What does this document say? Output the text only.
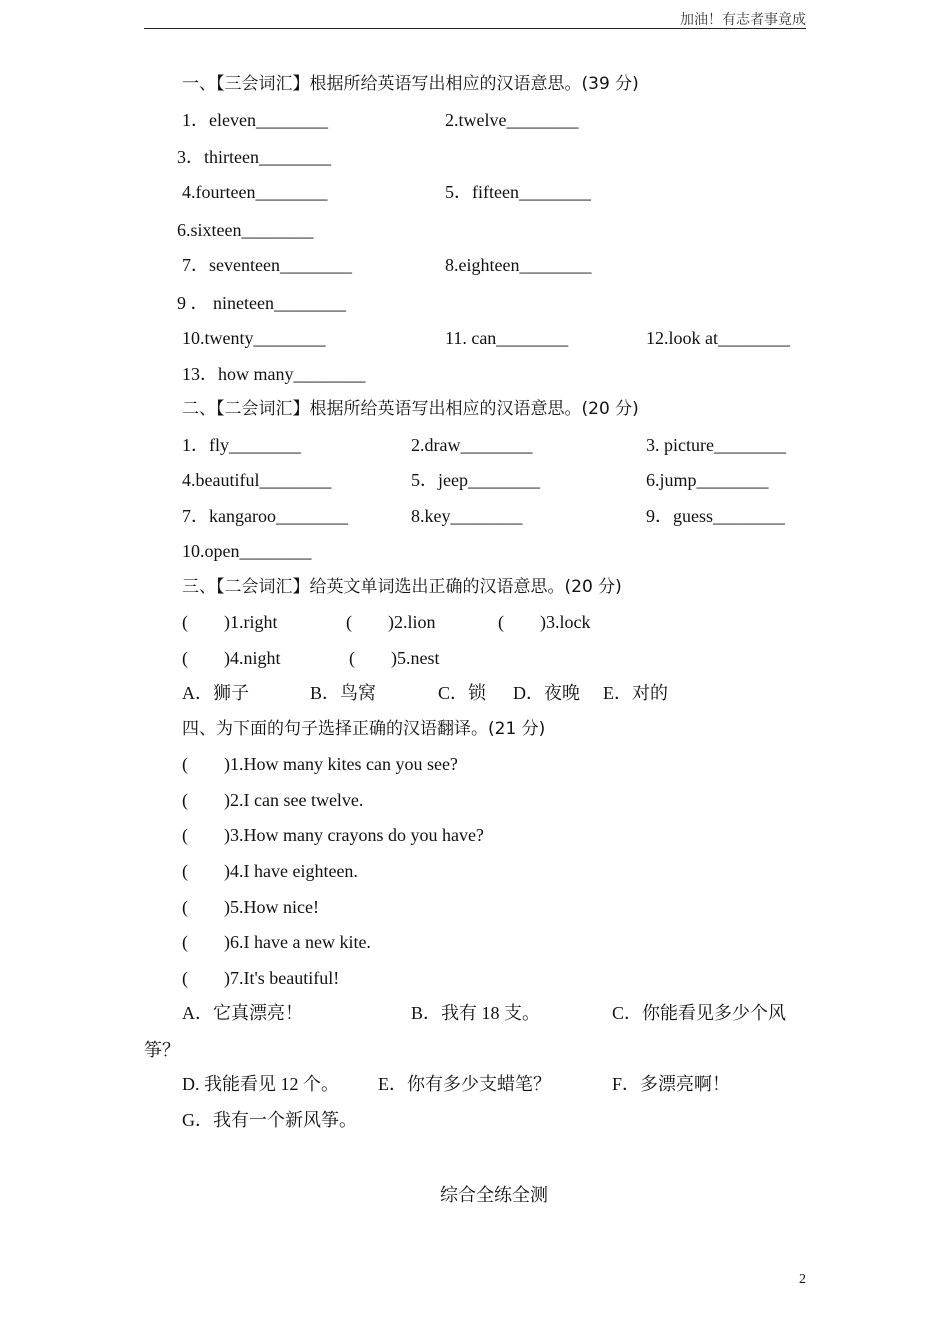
加油！有志者事竟成
一、【三会词汇】根据所给英语写出相应的汉语意思。(39 分)
1．eleven________	2.twelve________
3．thirteen________
4.fourteen________	5．fifteen________
6.sixteen________
7．seventeen________	8.eighteen________
9 ． nineteen________
10.twenty________	11. can________	12.look at________
13．how many________
二、【二会词汇】根据所给英语写出相应的汉语意思。(20 分)
1．fly________	2.draw________	3. picture________
4.beautiful________	5．jeep________	6.jump________
7．kangaroo________	8.key________	9．guess________
10.open________
三、【二会词汇】给英文单词选出正确的汉语意思。(20 分)
(　　)1.right	(　　)2.lion	(　　)3.lock
(　　)4.night	(　　)5.nest
A．狮子	B．鸟窝	C．锁 D．夜晚 E．对的
四、为下面的句子选择正确的汉语翻译。(21 分)
(　　)1.How many kites can you see?
(　　)2.I can see twelve.
(　　)3.How many crayons do you have?
(　　)4.I have eighteen.
(　　)5.How nice!
(　　)6.I have a new kite.
(　　)7.It's beautiful!
A．它真漂亮！	B．我有 18 支。	C．你能看见多少个风
筝？
D. 我能看见 12 个。 E．你有多少支蜡笔？	F．多漂亮啊！
G．我有一个新风筝。
综合全练全测
2
